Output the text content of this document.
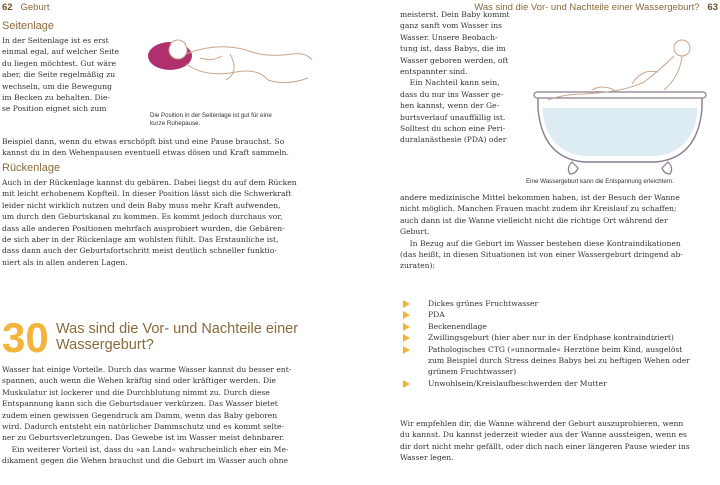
62 Geburt	Was sind die Vor- und Nachteile einer Wassergeburt? 63
Seitenlage
In der Seitenlage ist es erst
einmal egal, auf welcher Seite
du liegen möchtest. Gut wäre
aber, die Seite regelmäßig zu
wechseln, um die Bewegung
im Becken zu behalten. Die-
se Position eignet sich zum
Die Position in der Seitenlage ist gut für eine
kurze Ruhepause.
Beispiel dann, wenn du etwas erschöpft bist und eine Pause brauchst. So
kannst du in den Wehenpausen eventuell etwas dösen und Kraft sammeln.
Rückenlage
Auch in der Rückenlage kannst du gebären. Dabei liegst du auf dem Rücken
mit leicht erhobenem Kopfteil. In dieser Position lässt sich die Schwerkraft
leider nicht wirklich nutzen und dein Baby muss mehr Kraft aufwenden,
um durch den Geburtskanal zu kommen. Es kommt jedoch durchaus vor,
dass alle anderen Positionen mehrfach ausprobiert wurden, die Gebären-
de sich aber in der Rückenlage am wohlsten fühlt. Das Erstaunliche ist,
dass dann auch der Geburtsfortschritt meist deutlich schneller funktio-
niert als in allen anderen Lagen.
30 Was sind die Vor- und Nachteile einer
Wassergeburt?
Wasser hat einige Vorteile. Durch das warme Wasser kannst du besser ent-
spannen, auch wenn die Wehen kräftig sind oder kräftiger werden. Die
Muskulatur ist lockerer und die Durchblutung nimmt zu. Durch diese
Entspannung kann sich die Geburtsdauer verkürzen. Das Wasser bietet
zudem einen gewissen Gegendruck am Damm, wenn das Baby geboren
wird. Dadurch entsteht ein natürlicher Dammschutz und es kommt selte-
ner zu Geburtsverletzungen. Das Gewebe ist im Wasser meist dehnbarer.
Ein weiterer Vorteil ist, dass du »an Land« wahrscheinlich eher ein Me-
dikament gegen die Wehen brauchst und die Geburt im Wasser auch ohne
meisterst. Dein Baby kommt
ganz sanft vom Wasser ins
Wasser. Unsere Beobach-
tung ist, dass Babys, die im
Wasser geboren werden, oft
entspannter sind.
Ein Nachteil kann sein,
dass du nur ins Wasser ge-
hen kannst, wenn der Ge-
burtsverlauf unauffällig ist.
Solltest du schon eine Peri-
duralanästhesie (PDA) oder
Eine Wassergeburt kann die Entspannung erleichtern.
andere medizinische Mittel bekommen haben, ist der Besuch der Wanne
nicht möglich. Manchen Frauen macht zudem ihr Kreislauf zu schaffen;
auch dann ist die Wanne vielleicht nicht die richtige Ort während der
Geburt.
In Bezug auf die Geburt im Wasser bestehen diese Kontraindikationen
(das heißt, in diesen Situationen ist von einer Wassergeburt dringend ab-
zuraten):
Dickes grünes Fruchtwasser
PDA
Beckenendlage
Zwillingsgeburt (hier aber nur in der Endphase kontraindiziert)
Pathologisches CTG (»unnormale« Herztöne beim Kind, ausgelöst
zum Beispiel durch Stress deines Babys bei zu heftigen Wehen oder
grünem Fruchtwasser)
Unwohlsein/Kreislaufbeschwerden der Mutter
Wir empfehlen dir, die Wanne während der Geburt auszuprobieren, wenn
du kannst. Du kannst jederzeit wieder aus der Wanne aussteigen, wenn es
dir dort nicht mehr gefällt, oder dich nach einer längeren Pause wieder ins
Wasser legen.
